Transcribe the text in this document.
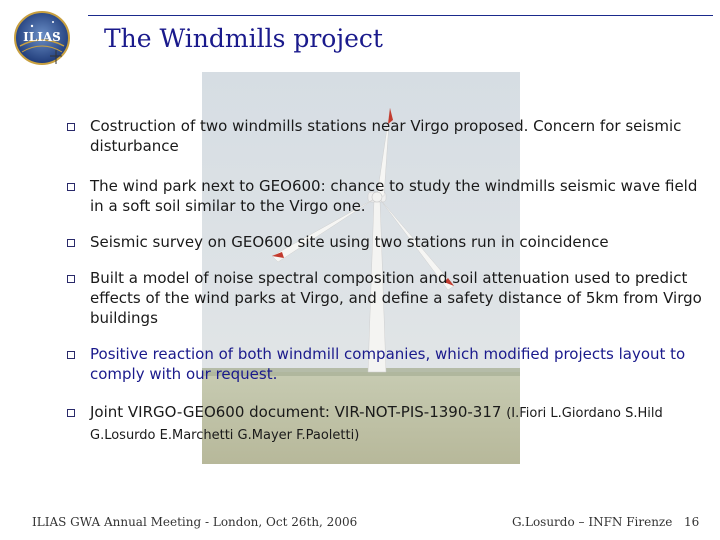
ILIAS The Windmills project
Costruction of two windmills stations near Virgo proposed. Concern for seismic disturbance
The wind park next to GEO600: chance to study the windmills seismic wave field in a soft soil similar to the Virgo one.
Seismic survey on GEO600 site using two stations run in coincidence
Built a model of noise spectral composition and soil attenuation used to predict effects of the wind parks at Virgo, and define a safety distance of 5km from Virgo buildings
Positive reaction of both windmill companies, which modified projects layout to comply with our request.
Joint VIRGO-GEO600 document: VIR-NOT-PIS-1390-317 (I.Fiori L.Giordano S.Hild G.Losurdo E.Marchetti G.Mayer F.Paoletti)
ILIAS GWA Annual Meeting - London, Oct 26th, 2006	G.Losurdo – INFN Firenze 16
